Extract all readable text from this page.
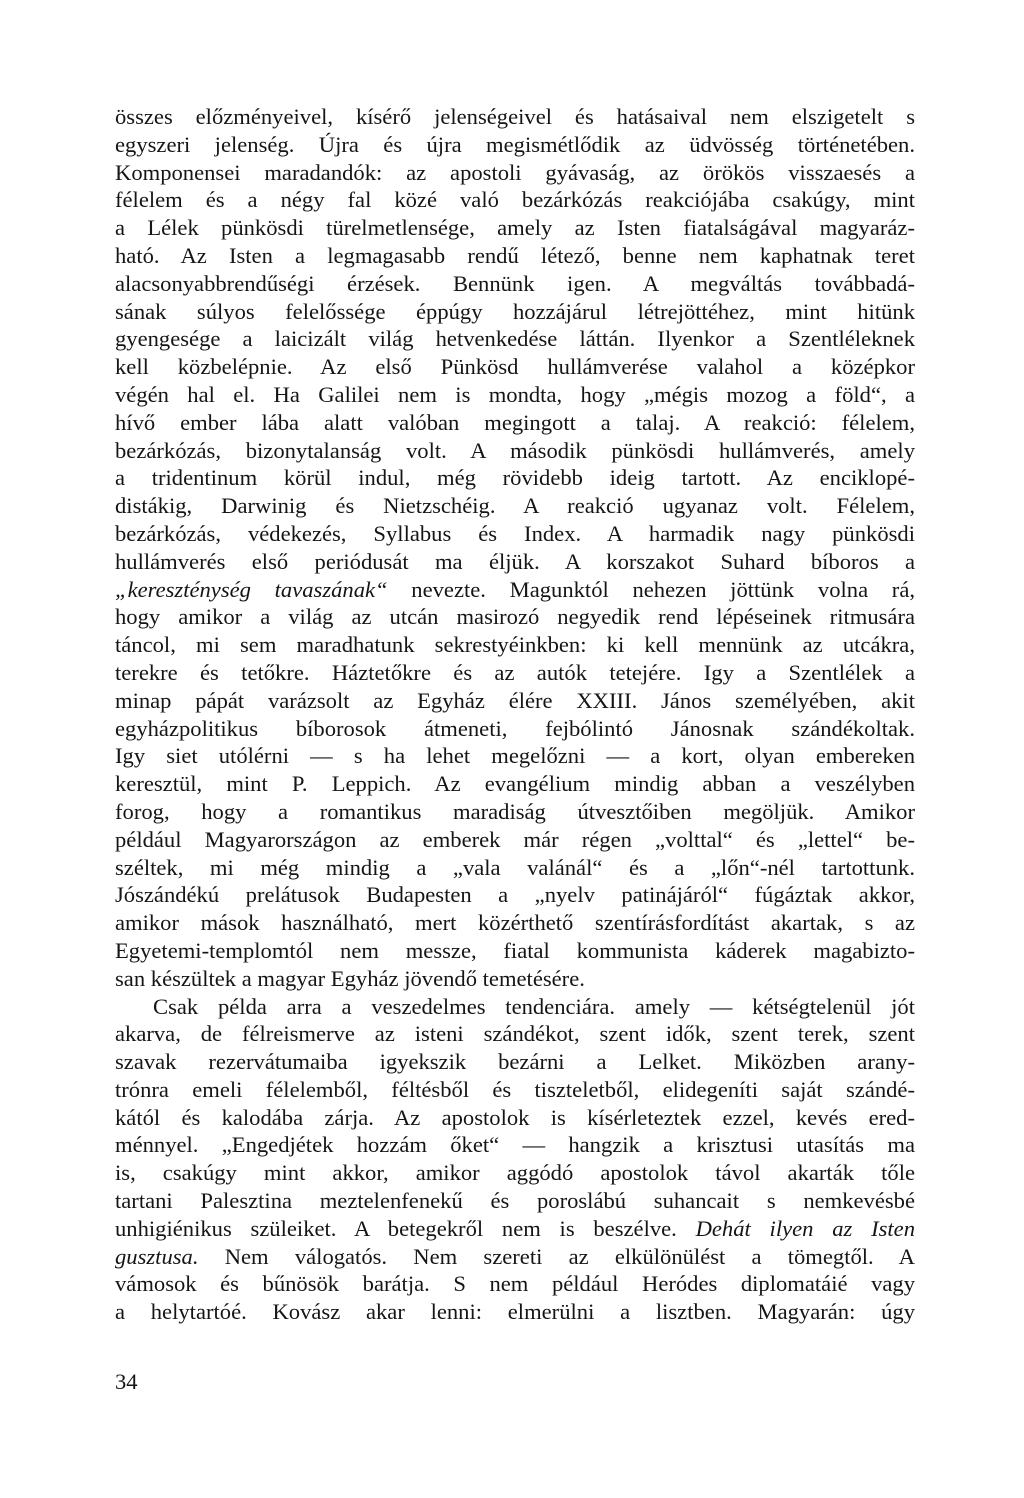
összes előzményeivel, kísérő jelenségeivel és hatásaival nem elszigetelt s
egyszeri jelenség. Újra és újra megismétlődik az üdvösség történetében.
Komponensei maradandók: az apostoli gyávaság, az örökös visszaesés a
félelem és a négy fal közé való bezárkózás reakciójába csakúgy, mint
a Lélek pünkösdi türelmetlensége, amely az Isten fiatalságával magyaráz-
ható. Az Isten a legmagasabb rendű létező, benne nem kaphatnak teret
alacsonyabbrendűségi érzések. Bennünk igen. A megváltás továbbadá-
sának súlyos felelőssége éppúgy hozzájárul létrejöttéhez, mint hitünk
gyengesége a laicizált világ hetvenkedése láttán. Ilyenkor a Szentléleknek
kell közbelépnie. Az első Pünkösd hullámverése valahol a középkor
végén hal el. Ha Galilei nem is mondta, hogy „mégis mozog a föld“, a
hívő ember lába alatt valóban megingott a talaj. A reakció: félelem,
bezárkózás, bizonytalanság volt. A második pünkösdi hullámverés, amely
a tridentinum körül indul, még rövidebb ideig tartott. Az enciklopé-
distákig, Darwinig és Nietzschéig. A reakció ugyanaz volt. Félelem,
bezárkózás, védekezés, Syllabus és Index. A harmadik nagy pünkösdi
hullámverés első periódusát ma éljük. A korszakot Suhard bíboros a
„kereszténység tavaszának“ nevezte. Magunktól nehezen jöttünk volna rá,
hogy amikor a világ az utcán masirozó negyedik rend lépéseinek ritmusára
táncol, mi sem maradhatunk sekrestyéinkben: ki kell mennünk az utcákra,
terekre és tetőkre. Háztetőkre és az autók tetejére. Igy a Szentlélek a
minap pápát varázsolt az Egyház élére XXIII. János személyében, akit
egyházpolitikus bíborosok átmeneti, fejbólintó Jánosnak szándékoltak.
Igy siet utólérni — s ha lehet megelőzni — a kort, olyan embereken
keresztül, mint P. Leppich. Az evangélium mindig abban a veszélyben
forog, hogy a romantikus maradiság útvesztőiben megöljük. Amikor
például Magyarországon az emberek már régen „volttal“ és „lettel“ be-
széltek, mi még mindig a „vala valánál“ és a „lőn“-nél tartottunk.
Jószándékú prelátusok Budapesten a „nyelv patinájáról“ fúgáztak akkor,
amikor mások használható, mert közérthető szentírásfordítást akartak, s az
Egyetemi-templomtól nem messze, fiatal kommunista káderek magabizto-
san készültek a magyar Egyház jövendő temetésére.
Csak példa arra a veszedelmes tendenciára. amely — kétségtelenül jót
akarva, de félreismerve az isteni szándékot, szent idők, szent terek, szent
szavak rezervátumaiba igyekszik bezárni a Lelket. Miközben arany-
trónra emeli félelemből, féltésből és tiszteletből, elidegeníti saját szándé-
kától és kalodába zárja. Az apostolok is kísérleteztek ezzel, kevés ered-
ménnyel. „Engedjétek hozzám őket“ — hangzik a krisztusi utasítás ma
is, csakúgy mint akkor, amikor aggódó apostolok távol akarták tőle
tartani Palesztina meztelenfenekű és poroslábú suhancait s nemkevésbé
unhigiénikus szüleiket. A betegekről nem is beszélve. Dehát ilyen az Isten
gusztusa. Nem válogatós. Nem szereti az elkülönülést a tömegtől. A
vámosok és bűnösök barátja. S nem például Heródes diplomatáié vagy
a helytartóé. Kovász akar lenni: elmerülni a lisztben. Magyarán: úgy
34
